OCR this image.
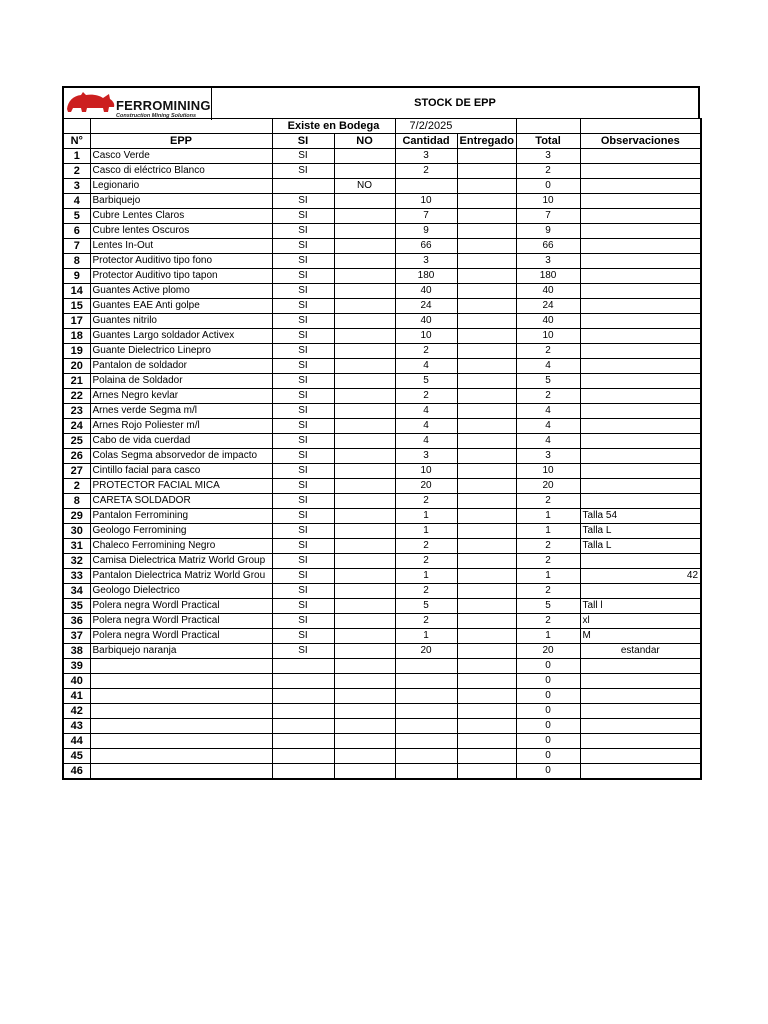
FERROMINING
Construction Mining Solutions
STOCK DE EPP
		Existe en Bodega		7/2/2025			
N°	EPP	SI	NO	Cantidad	Entregado	Total	Observaciones
1	Casco Verde	SI		3		3	
2	Casco di eléctrico Blanco	SI		2		2	
3	Legionario		NO			0	
4	Barbiquejo	SI		10		10	
5	Cubre Lentes Claros	SI		7		7	
6	Cubre lentes Oscuros	SI		9		9	
7	Lentes In-Out	SI		66		66	
8	Protector Auditivo tipo fono	SI		3		3	
9	Protector Auditivo tipo tapon	SI		180		180	
14	Guantes Active plomo	SI		40		40	
15	Guantes EAE Anti golpe	SI		24		24	
17	Guantes nitrilo	SI		40		40	
18	Guantes Largo soldador Activex	SI		10		10	
19	Guante Dielectrico Linepro	SI		2		2	
20	Pantalon de soldador	SI		4		4	
21	Polaina de Soldador	SI		5		5	
22	Arnes Negro kevlar	SI		2		2	
23	Arnes verde Segma m/l	SI		4		4	
24	Arnes Rojo Poliester m/l	SI		4		4	
25	Cabo de vida cuerdad	SI		4		4	
26	Colas Segma absorvedor de impacto	SI		3		3	
27	Cintillo facial para casco	SI		10		10	
2	PROTECTOR FACIAL MICA	SI		20		20	
8	CARETA SOLDADOR	SI		2		2	
29	Pantalon Ferromining	SI		1		1	Talla 54
30	Geologo Ferromining	SI		1		1	Talla L
31	Chaleco Ferromining Negro	SI		2		2	Talla L
32	Camisa Dielectrica Matriz World Group	SI		2		2	
33	Pantalon Dielectrica Matriz World Grou	SI		1		1	42
34	Geologo Dielectrico	SI		2		2	
35	Polera negra Wordl Practical	SI		5		5	Tall l
36	Polera negra Wordl Practical	SI		2		2	xl
37	Polera negra Wordl Practical	SI		1		1	M
38	Barbiquejo naranja	SI		20		20	estandar
39						0	
40						0	
41						0	
42						0	
43						0	
44						0	
45						0	
46						0	
